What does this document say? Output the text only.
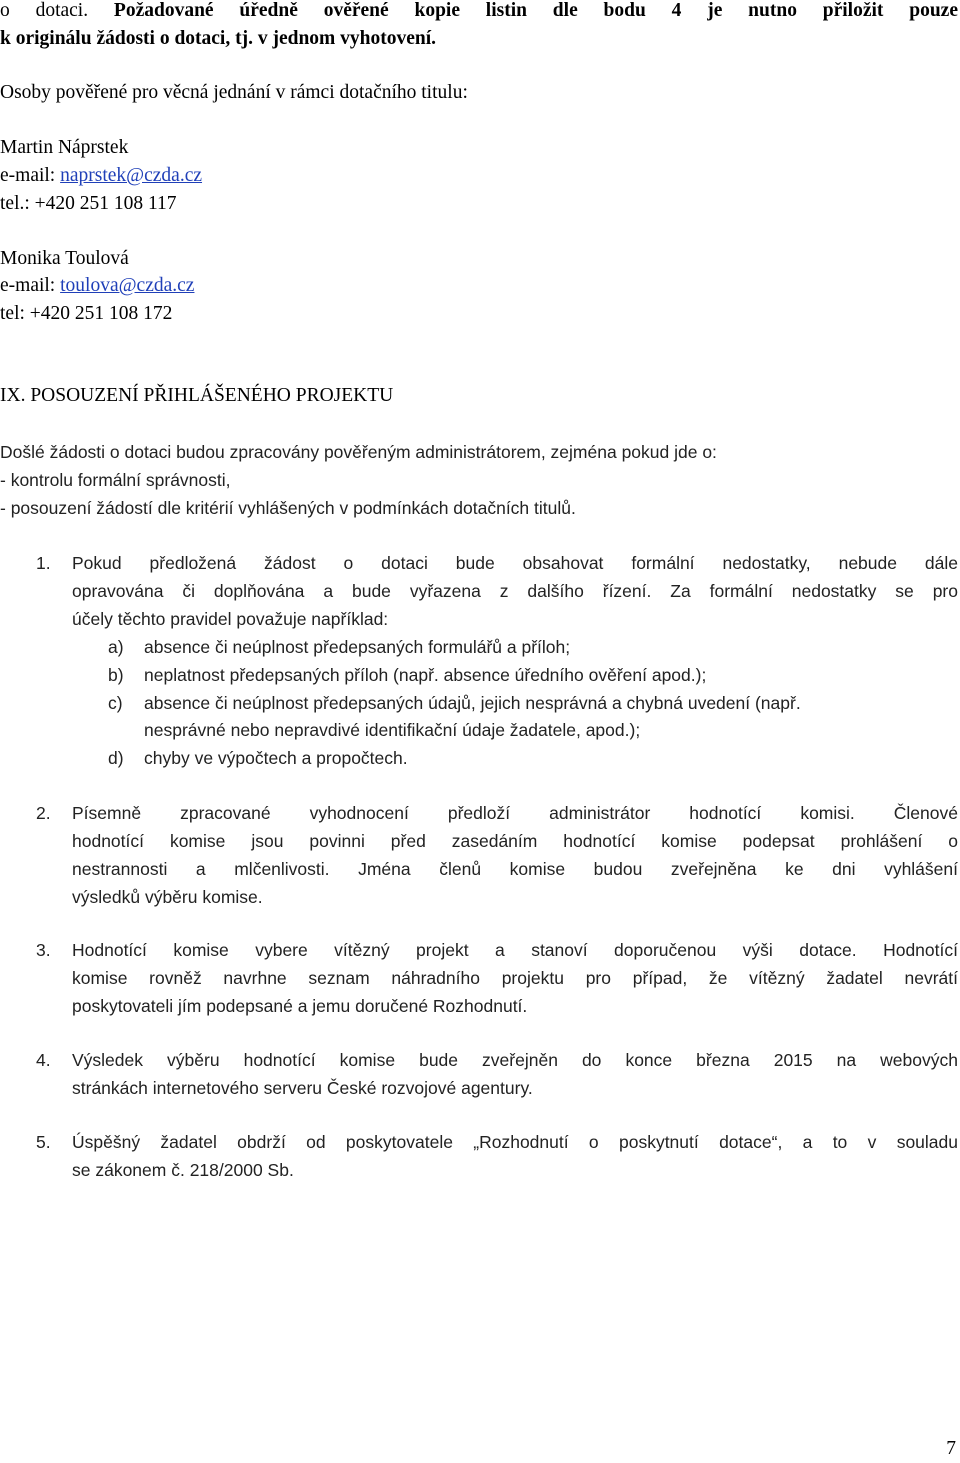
o dotaci. Požadované úředně ověřené kopie listin dle bodu 4 je nutno přiložit pouze
k originálu žádosti o dotaci, tj. v jednom vyhotovení.
Osoby pověřené pro věcná jednání v rámci dotačního titulu:
Martin Náprstek
e-mail: naprstek@czda.cz
tel.: +420 251 108 117
Monika Toulová
e-mail: toulova@czda.cz
tel: +420 251 108 172
IX. POSOUZENÍ PŘIHLÁŠENÉHO PROJEKTU
Došlé žádosti o dotaci budou zpracovány pověřeným administrátorem, zejména pokud jde o:
- kontrolu formální správnosti,
- posouzení žádostí dle kritérií vyhlášených v podmínkách dotačních titulů.
1. Pokud předložená žádost o dotaci bude obsahovat formální nedostatky, nebude dále
opravována či doplňována a bude vyřazena z dalšího řízení. Za formální nedostatky se pro
účely těchto pravidel považuje například:
a) absence či neúplnost předepsaných formulářů a příloh;
b) neplatnost předepsaných příloh (např. absence úředního ověření apod.);
c) absence či neúplnost předepsaných údajů, jejich nesprávná a chybná uvedení (např.
nesprávné nebo nepravdivé identifikační údaje žadatele, apod.);
d) chyby ve výpočtech a propočtech.
2. Písemně zpracované vyhodnocení předloží administrátor hodnotící komisi. Členové
hodnotící komise jsou povinni před zasedáním hodnotící komise podepsat prohlášení o
nestrannosti a mlčenlivosti. Jména členů komise budou zveřejněna ke dni vyhlášení
výsledků výběru komise.
3. Hodnotící komise vybere vítězný projekt a stanoví doporučenou výši dotace. Hodnotící
komise rovněž navrhne seznam náhradního projektu pro případ, že vítězný žadatel nevrátí
poskytovateli jím podepsané a jemu doručené Rozhodnutí.
4. Výsledek výběru hodnotící komise bude zveřejněn do konce března 2015 na webových
stránkách internetového serveru České rozvojové agentury.
5. Úspěšný žadatel obdrží od poskytovatele „Rozhodnutí o poskytnutí dotace“, a to v souladu
se zákonem č. 218/2000 Sb.
7
